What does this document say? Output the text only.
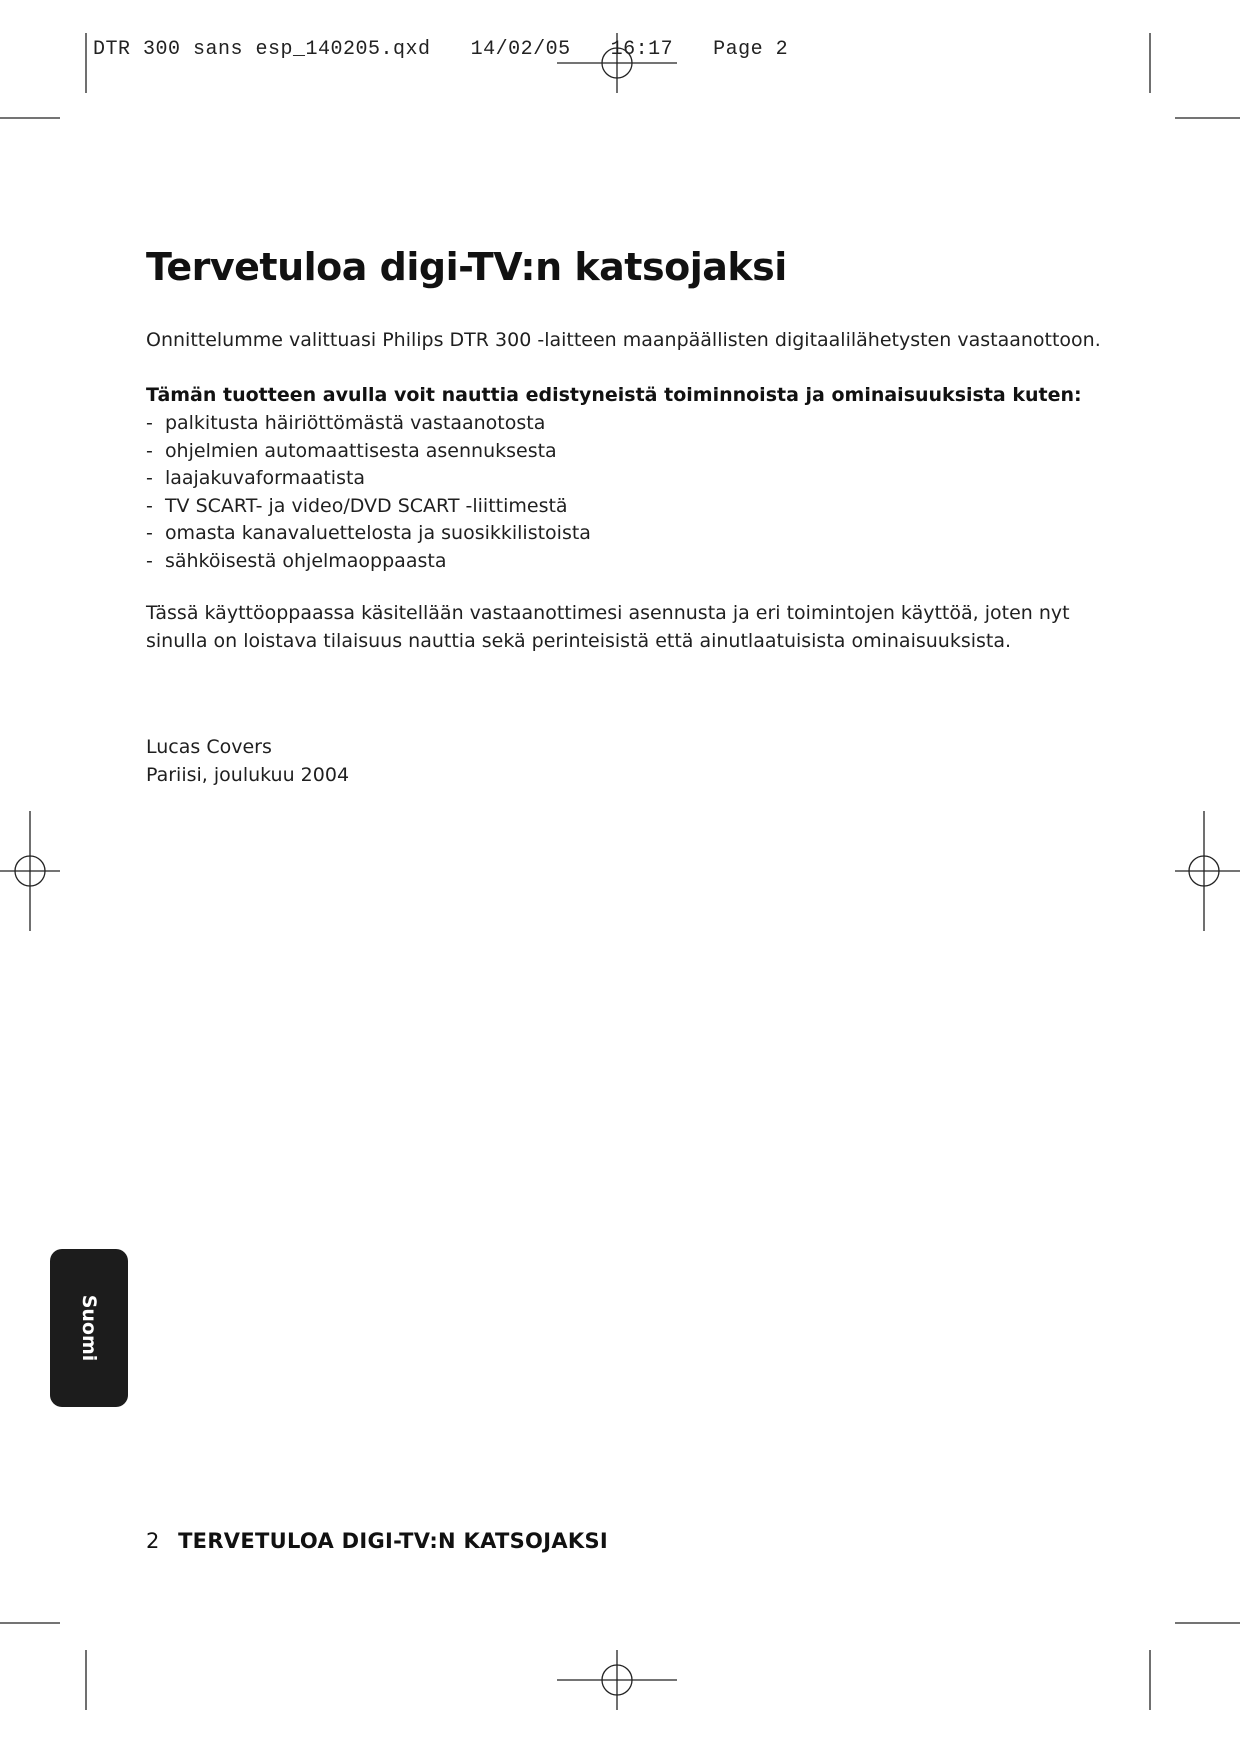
DTR 300 sans esp_140205.qxd 14/02/05 16:17 Page 2
Tervetuloa digi-TV:n katsojaksi

Onnittelumme valittuasi Philips DTR 300 -laitteen maanpäällisten digitaalilähetysten vastaanottoon.

Tämän tuotteen avulla voit nauttia edistyneistä toiminnoista ja ominaisuuksista kuten:

- palkitusta häiriöttömästä vastaanotosta
- ohjelmien automaattisesta asennuksesta
- laajakuvaformaatista
- TV SCART- ja video/DVD SCART -liittimestä
- omasta kanavaluettelosta ja suosikkilistoista
- sähköisestä ohjelmaoppaasta

Tässä käyttöoppaassa käsitellään vastaanottimesi asennusta ja eri toimintojen käyttöä, joten nyt sinulla on loistava tilaisuus nauttia sekä perinteisistä että ainutlaatuisista ominaisuuksista.

Lucas Covers
Pariisi, joulukuu 2004
Suomi
2 TERVETULOA DIGI-TV:N KATSOJAKSI
